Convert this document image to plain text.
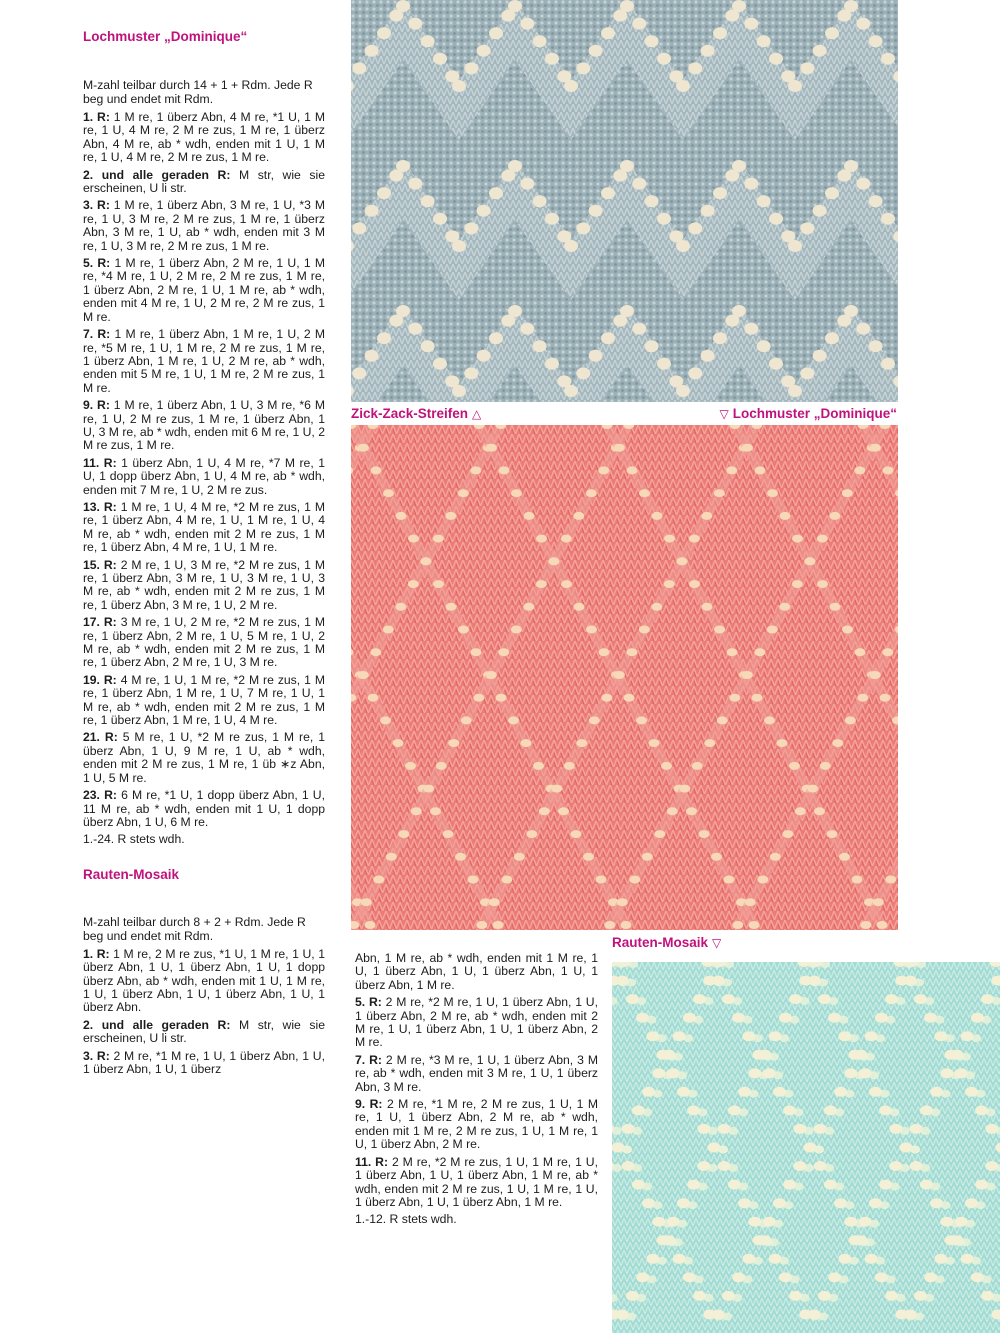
Lochmuster „Dominique“

M-zahl teilbar durch 14 + 1 + Rdm. Jede R beg und endet mit Rdm.

1. R: 1 M re, 1 überz Abn, 4 M re, *1 U, 1 M re, 1 U, 4 M re, 2 M re zus, 1 M re, 1 überz Abn, 4 M re, ab * wdh, enden mit 1 U, 1 M re, 1 U, 4 M re, 2 M re zus, 1 M re.

2. und alle geraden R: M str, wie sie erscheinen, U li str.

3. R: 1 M re, 1 überz Abn, 3 M re, 1 U, *3 M re, 1 U, 3 M re, 2 M re zus, 1 M re, 1 überz Abn, 3 M re, 1 U, ab * wdh, enden mit 3 M re, 1 U, 3 M re, 2 M re zus, 1 M re.

5. R: 1 M re, 1 überz Abn, 2 M re, 1 U, 1 M re, *4 M re, 1 U, 2 M re, 2 M re zus, 1 M re, 1 überz Abn, 2 M re, 1 U, 1 M re, ab * wdh, enden mit 4 M re, 1 U, 2 M re, 2 M re zus, 1 M re.

7. R: 1 M re, 1 überz Abn, 1 M re, 1 U, 2 M re, *5 M re, 1 U, 1 M re, 2 M re zus, 1 M re, 1 überz Abn, 1 M re, 1 U, 2 M re, ab * wdh, enden mit 5 M re, 1 U, 1 M re, 2 M re zus, 1 M re.

9. R: 1 M re, 1 überz Abn, 1 U, 3 M re, *6 M re, 1 U, 2 M re zus, 1 M re, 1 überz Abn, 1 U, 3 M re, ab * wdh, enden mit 6 M re, 1 U, 2 M re zus, 1 M re.

11. R: 1 überz Abn, 1 U, 4 M re, *7 M re, 1 U, 1 dopp überz Abn, 1 U, 4 M re, ab * wdh, enden mit 7 M re, 1 U, 2 M re zus.

13. R: 1 M re, 1 U, 4 M re, *2 M re zus, 1 M re, 1 überz Abn, 4 M re, 1 U, 1 M re, 1 U, 4 M re, ab * wdh, enden mit 2 M re zus, 1 M re, 1 überz Abn, 4 M re, 1 U, 1 M re.

15. R: 2 M re, 1 U, 3 M re, *2 M re zus, 1 M re, 1 überz Abn, 3 M re, 1 U, 3 M re, 1 U, 3 M re, ab * wdh, enden mit 2 M re zus, 1 M re, 1 überz Abn, 3 M re, 1 U, 2 M re.

17. R: 3 M re, 1 U, 2 M re, *2 M re zus, 1 M re, 1 überz Abn, 2 M re, 1 U, 5 M re, 1 U, 2 M re, ab * wdh, enden mit 2 M re zus, 1 M re, 1 überz Abn, 2 M re, 1 U, 3 M re.

19. R: 4 M re, 1 U, 1 M re, *2 M re zus, 1 M re, 1 überz Abn, 1 M re, 1 U, 7 M re, 1 U, 1 M re, ab * wdh, enden mit 2 M re zus, 1 M re, 1 überz Abn, 1 M re, 1 U, 4 M re.

21. R: 5 M re, 1 U, *2 M re zus, 1 M re, 1 überz Abn, 1 U, 9 M re, 1 U, ab * wdh, enden mit 2 M re zus, 1 M re, 1 üb ∗z Abn, 1 U, 5 M re.

23. R: 6 M re, *1 U, 1 dopp überz Abn, 1 U, 11 M re, ab * wdh, enden mit 1 U, 1 dopp überz Abn, 1 U, 6 M re.

1.-24. R stets wdh.

Rauten-Mosaik

M-zahl teilbar durch 8 + 2 + Rdm. Jede R beg und endet mit Rdm.

1. R: 1 M re, 2 M re zus, *1 U, 1 M re, 1 U, 1 überz Abn, 1 U, 1 überz Abn, 1 U, 1 dopp überz Abn, ab * wdh, enden mit 1 U, 1 M re, 1 U, 1 überz Abn, 1 U, 1 überz Abn, 1 U, 1 überz Abn.

2. und alle geraden R: M str, wie sie erscheinen, U li str.

3. R: 2 M re, *1 M re, 1 U, 1 überz Abn, 1 U, 1 überz Abn, 1 U, 1 überz

Abn, 1 M re, ab * wdh, enden mit 1 M re, 1 U, 1 überz Abn, 1 U, 1 überz Abn, 1 U, 1 überz Abn, 1 M re.

5. R: 2 M re, *2 M re, 1 U, 1 überz Abn, 1 U, 1 überz Abn, 2 M re, ab * wdh, enden mit 2 M re, 1 U, 1 überz Abn, 1 U, 1 überz Abn, 2 M re.

7. R: 2 M re, *3 M re, 1 U, 1 überz Abn, 3 M re, ab * wdh, enden mit 3 M re, 1 U, 1 überz Abn, 3 M re.

9. R: 2 M re, *1 M re, 2 M re zus, 1 U, 1 M re, 1 U, 1 überz Abn, 2 M re, ab * wdh, enden mit 1 M re, 2 M re zus, 1 U, 1 M re, 1 U, 1 überz Abn, 2 M re.

11. R: 2 M re, *2 M re zus, 1 U, 1 M re, 1 U, 1 überz Abn, 1 U, 1 überz Abn, 1 M re, ab * wdh, enden mit 2 M re zus, 1 U, 1 M re, 1 U, 1 überz Abn, 1 U, 1 überz Abn, 1 M re.

1.-12. R stets wdh.

Zick-Zack-Streifen △	▽ Lochmuster „Dominique“
Rauten-Mosaik ▽
